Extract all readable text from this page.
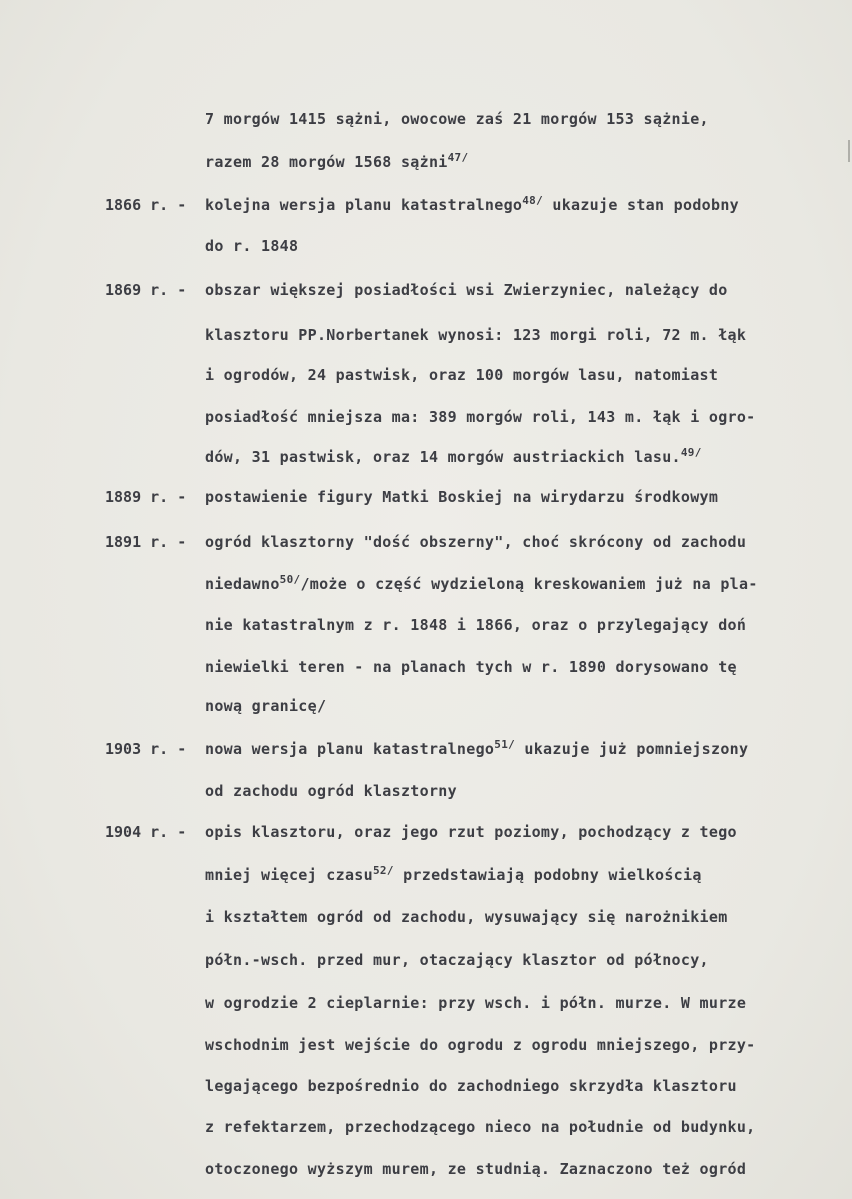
7 morgów 1415 sążni, owocowe zaś 21 morgów 153 sążnie,
razem 28 morgów 1568 sążni$^{47/}$
1866 r. - kolejna wersja planu katastralnego$^{48/}$ ukazuje stan podobny
do r. 1848
1869 r. - obszar większej posiadłości wsi Zwierzyniec, należący do
klasztoru PP.Norbertanek wynosi: 123 morgi roli, 72 m. łąk
i ogrodów, 24 pastwisk, oraz 100 morgów lasu, natomiast
posiadłość mniejsza ma: 389 morgów roli, 143 m. łąk i ogro-
dów, 31 pastwisk, oraz 14 morgów austriackich lasu.$^{49/}$
1889 r. - postawienie figury Matki Boskiej na wirydarzu środkowym
1891 r. - ogród klasztorny "dość obszerny", choć skrócony od zachodu
niedawno$^{50/}$/może o część wydzieloną kreskowaniem już na pla-
nie katastralnym z r. 1848 i 1866, oraz o przylegający doń
niewielki teren - na planach tych w r. 1890 dorysowano tę
nową granicę/
1903 r. - nowa wersja planu katastralnego$^{51/}$ ukazuje już pomniejszony
od zachodu ogród klasztorny
1904 r. - opis klasztoru, oraz jego rzut poziomy, pochodzący z tego
mniej więcej czasu$^{52/}$ przedstawiają podobny wielkością
i kształtem ogród od zachodu, wysuwający się narożnikiem
półn.-wsch. przed mur, otaczający klasztor od północy,
w ogrodzie 2 cieplarnie: przy wsch. i półn. murze. W murze
wschodnim jest wejście do ogrodu z ogrodu mniejszego, przy-
legającego bezpośrednio do zachodniego skrzydła klasztoru
z refektarzem, przechodzącego nieco na południe od budynku,
otoczonego wyższym murem, ze studnią. Zaznaczono też ogród
